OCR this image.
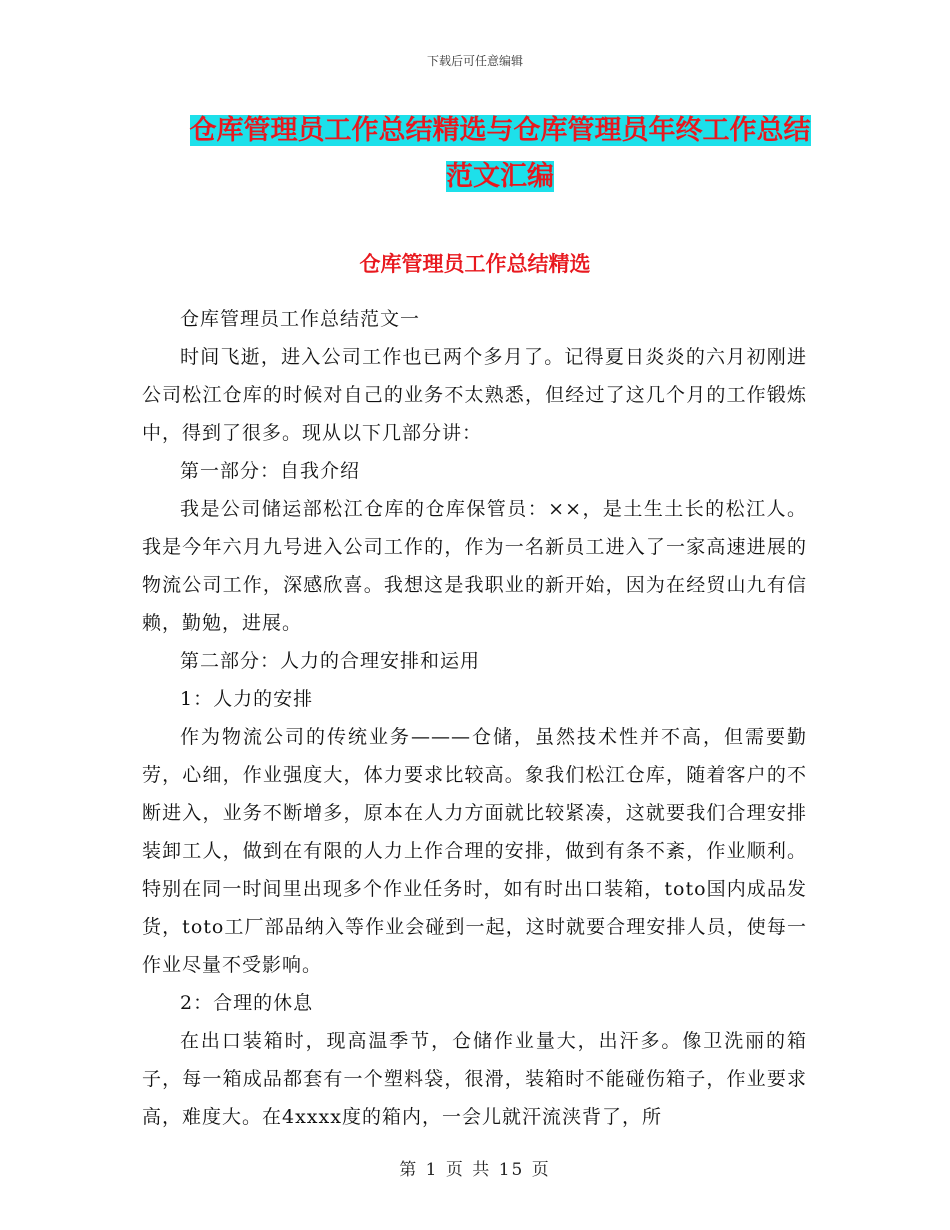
下载后可任意编辑
仓库管理员工作总结精选与仓库管理员年终工作总结
范文汇编
仓库管理员工作总结精选

仓库管理员工作总结范文一

时间飞逝，进入公司工作也已两个多月了。记得夏日炎炎的六月初刚进公司松江仓库的时候对自己的业务不太熟悉，但经过了这几个月的工作锻炼中，得到了很多。现从以下几部分讲：

第一部分：自我介绍

我是公司储运部松江仓库的仓库保管员：××，是土生土长的松江人。我是今年六月九号进入公司工作的，作为一名新员工进入了一家高速进展的物流公司工作，深感欣喜。我想这是我职业的新开始，因为在经贸山九有信赖，勤勉，进展。

第二部分：人力的合理安排和运用

1：人力的安排

作为物流公司的传统业务———仓储，虽然技术性并不高，但需要勤劳，心细，作业强度大，体力要求比较高。象我们松江仓库，随着客户的不断进入，业务不断增多，原本在人力方面就比较紧凑，这就要我们合理安排装卸工人，做到在有限的人力上作合理的安排，做到有条不紊，作业顺利。特别在同一时间里出现多个作业任务时，如有时出口装箱，toto国内成品发货，toto工厂部品纳入等作业会碰到一起，这时就要合理安排人员，使每一作业尽量不受影响。

2：合理的休息

在出口装箱时，现高温季节，仓储作业量大，出汗多。像卫洗丽的箱子，每一箱成品都套有一个塑料袋，很滑，装箱时不能碰伤箱子，作业要求高，难度大。在4xxxx度的箱内，一会儿就汗流浃背了，所

第 1 页 共 15 页
